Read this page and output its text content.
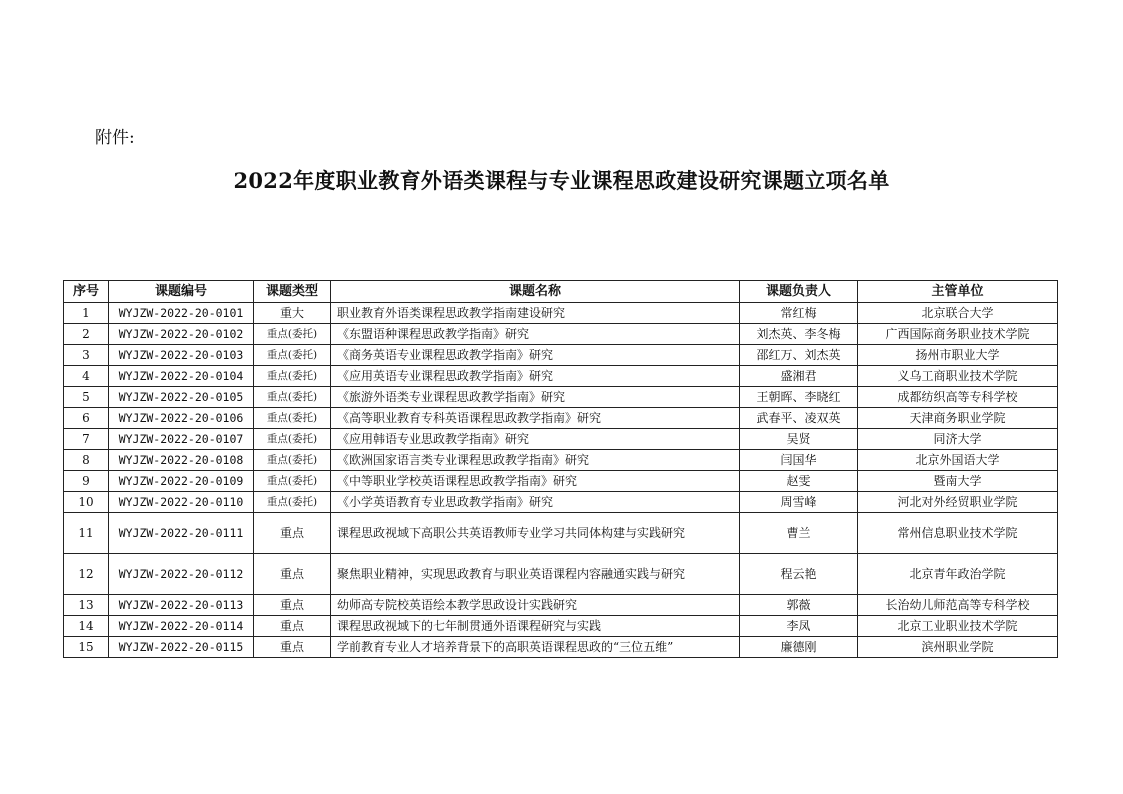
附件:
2022年度职业教育外语类课程与专业课程思政建设研究课题立项名单
序号	课题编号	课题类型	课题名称	课题负责人	主管单位
1	WYJZW-2022-20-0101	重大	职业教育外语类课程思政教学指南建设研究	常红梅	北京联合大学
2	WYJZW-2022-20-0102	重点(委托)	《东盟语种课程思政教学指南》研究	刘杰英、李冬梅	广西国际商务职业技术学院
3	WYJZW-2022-20-0103	重点(委托)	《商务英语专业课程思政教学指南》研究	邵红万、刘杰英	扬州市职业大学
4	WYJZW-2022-20-0104	重点(委托)	《应用英语专业课程思政教学指南》研究	盛湘君	义乌工商职业技术学院
5	WYJZW-2022-20-0105	重点(委托)	《旅游外语类专业课程思政教学指南》研究	王朝晖、李晓红	成都纺织高等专科学校
6	WYJZW-2022-20-0106	重点(委托)	《高等职业教育专科英语课程思政教学指南》研究	武春平、凌双英	天津商务职业学院
7	WYJZW-2022-20-0107	重点(委托)	《应用韩语专业思政教学指南》研究	吴贤	同济大学
8	WYJZW-2022-20-0108	重点(委托)	《欧洲国家语言类专业课程思政教学指南》研究	闫国华	北京外国语大学
9	WYJZW-2022-20-0109	重点(委托)	《中等职业学校英语课程思政教学指南》研究	赵雯	暨南大学
10	WYJZW-2022-20-0110	重点(委托)	《小学英语教育专业思政教学指南》研究	周雪峰	河北对外经贸职业学院
11	WYJZW-2022-20-0111	重点	课程思政视域下高职公共英语教师专业学习共同体构建与实践研究	曹兰	常州信息职业技术学院
12	WYJZW-2022-20-0112	重点	聚焦职业精神，实现思政教育与职业英语课程内容融通实践与研究	程云艳	北京青年政治学院
13	WYJZW-2022-20-0113	重点	幼师高专院校英语绘本教学思政设计实践研究	郭薇	长治幼儿师范高等专科学校
14	WYJZW-2022-20-0114	重点	课程思政视域下的七年制贯通外语课程研究与实践	李凤	北京工业职业技术学院
15	WYJZW-2022-20-0115	重点	学前教育专业人才培养背景下的高职英语课程思政的“三位五维”	廉德刚	滨州职业学院
